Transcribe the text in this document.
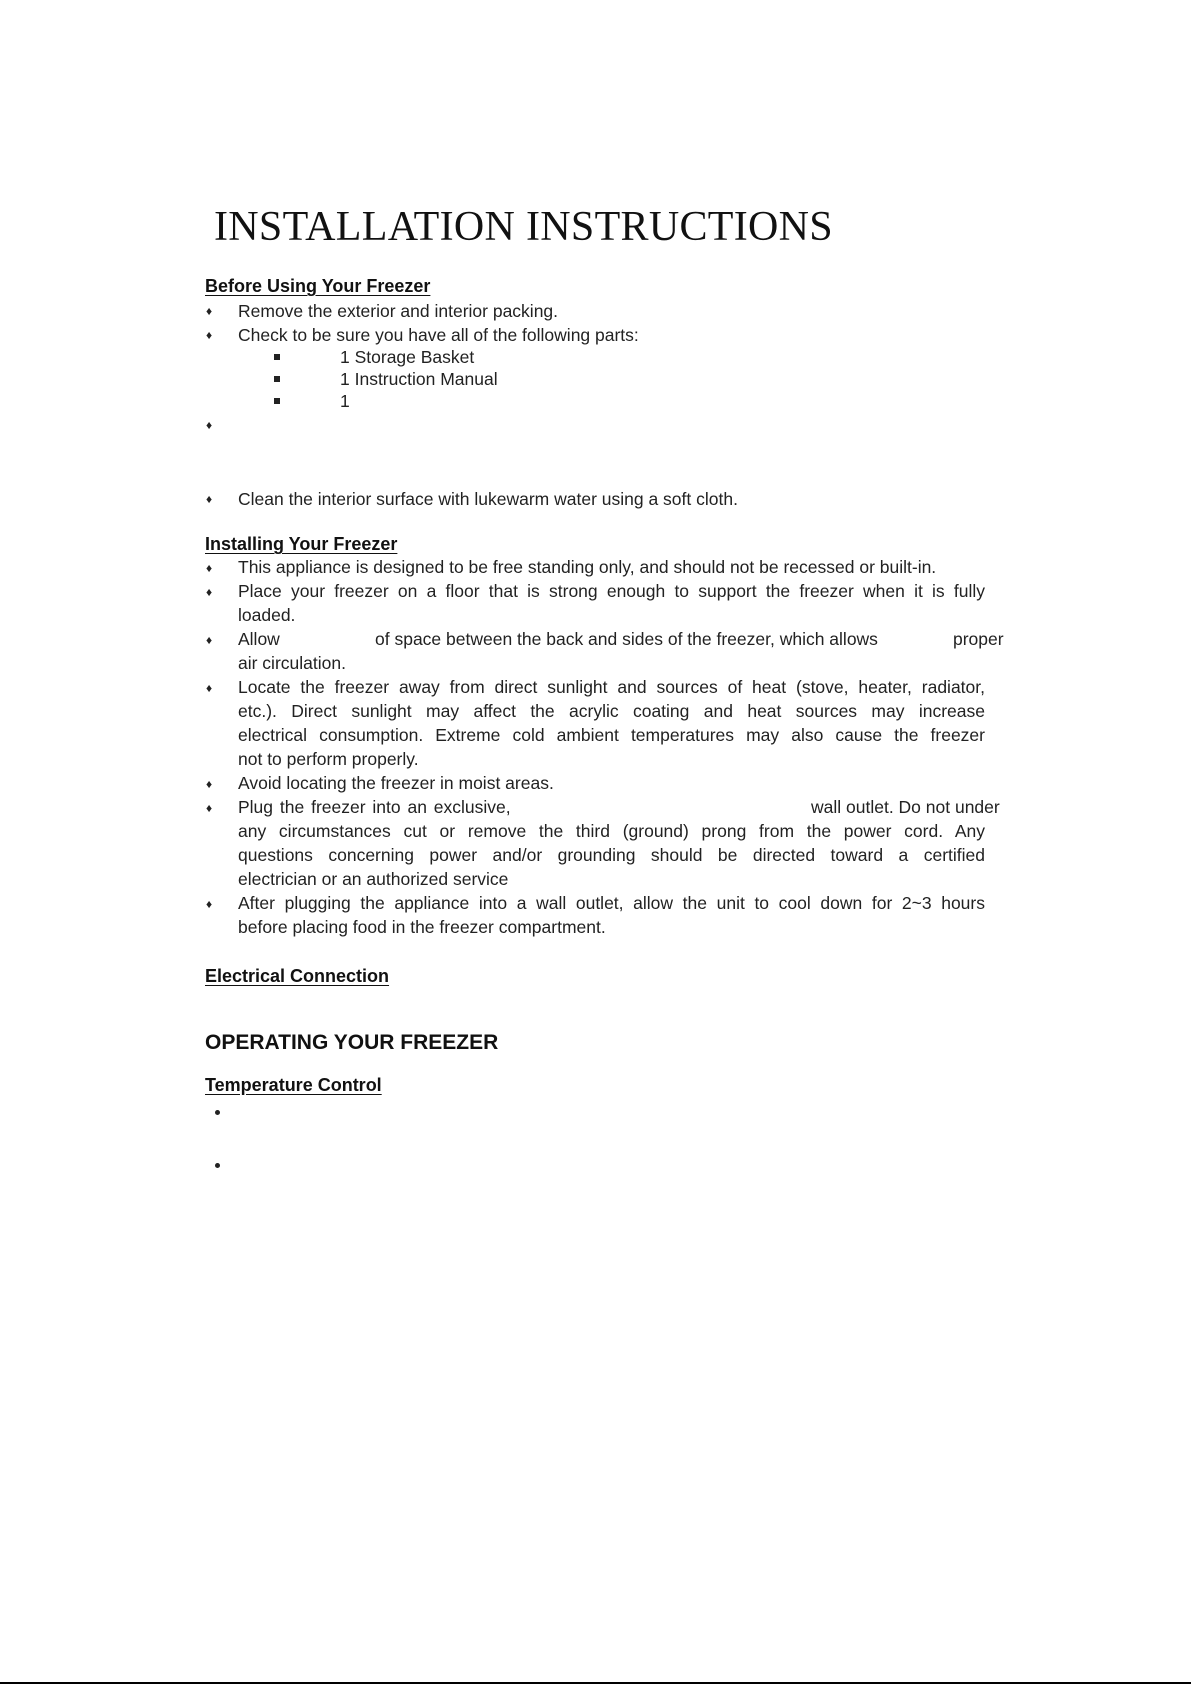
INSTALLATION INSTRUCTIONS
Before Using Your Freezer
♦ Remove the exterior and interior packing.
♦ Check to be sure you have all of the following parts:
1 Storage Basket
1 Instruction Manual
1
♦
♦ Clean the interior surface with lukewarm water using a soft cloth.
Installing Your Freezer
♦ This appliance is designed to be free standing only, and should not be recessed or built-in.
♦ Place your freezer on a floor that is strong enough to support the freezer when it is fully
loaded.
♦ Allow	of space between the back and sides of the freezer, which allows	proper
air circulation.
♦ Locate the freezer away from direct sunlight and sources of heat (stove, heater, radiator,
etc.). Direct sunlight may affect the acrylic coating and heat sources may increase
electrical consumption. Extreme cold ambient temperatures may also cause the freezer
not to perform properly.
♦ Avoid locating the freezer in moist areas.
♦ Plug the freezer into an exclusive,	wall outlet. Do not under
any circumstances cut or remove the third (ground) prong from the power cord. Any
questions concerning power and/or grounding should be directed toward a certified
electrician or an authorized service
♦ After plugging the appliance into a wall outlet, allow the unit to cool down for 2~3 hours
before placing food in the freezer compartment.
Electrical Connection
OPERATING YOUR FREEZER
Temperature Control
